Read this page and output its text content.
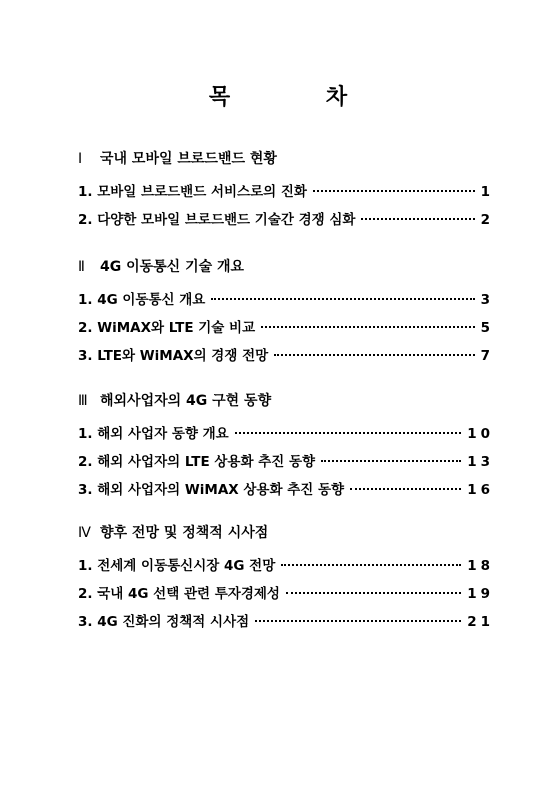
목 차
Ⅰ 국내 모바일 브로드밴드 현황
1. 모바일 브로드밴드 서비스로의 진화	1
2. 다양한 모바일 브로드밴드 기술간 경쟁 심화	2
Ⅱ 4G 이동통신 기술 개요
1. 4G 이동통신 개요	3
2. WiMAX와 LTE 기술 비교	5
3. LTE와 WiMAX의 경쟁 전망	7
Ⅲ 해외사업자의 4G 구현 동향
1. 해외 사업자 동향 개요	10
2. 해외 사업자의 LTE 상용화 추진 동향	13
3. 해외 사업자의 WiMAX 상용화 추진 동향	16
Ⅳ 향후 전망 및 정책적 시사점
1. 전세계 이동통신시장 4G 전망	18
2. 국내 4G 선택 관련 투자경제성	19
3. 4G 진화의 정책적 시사점	21
